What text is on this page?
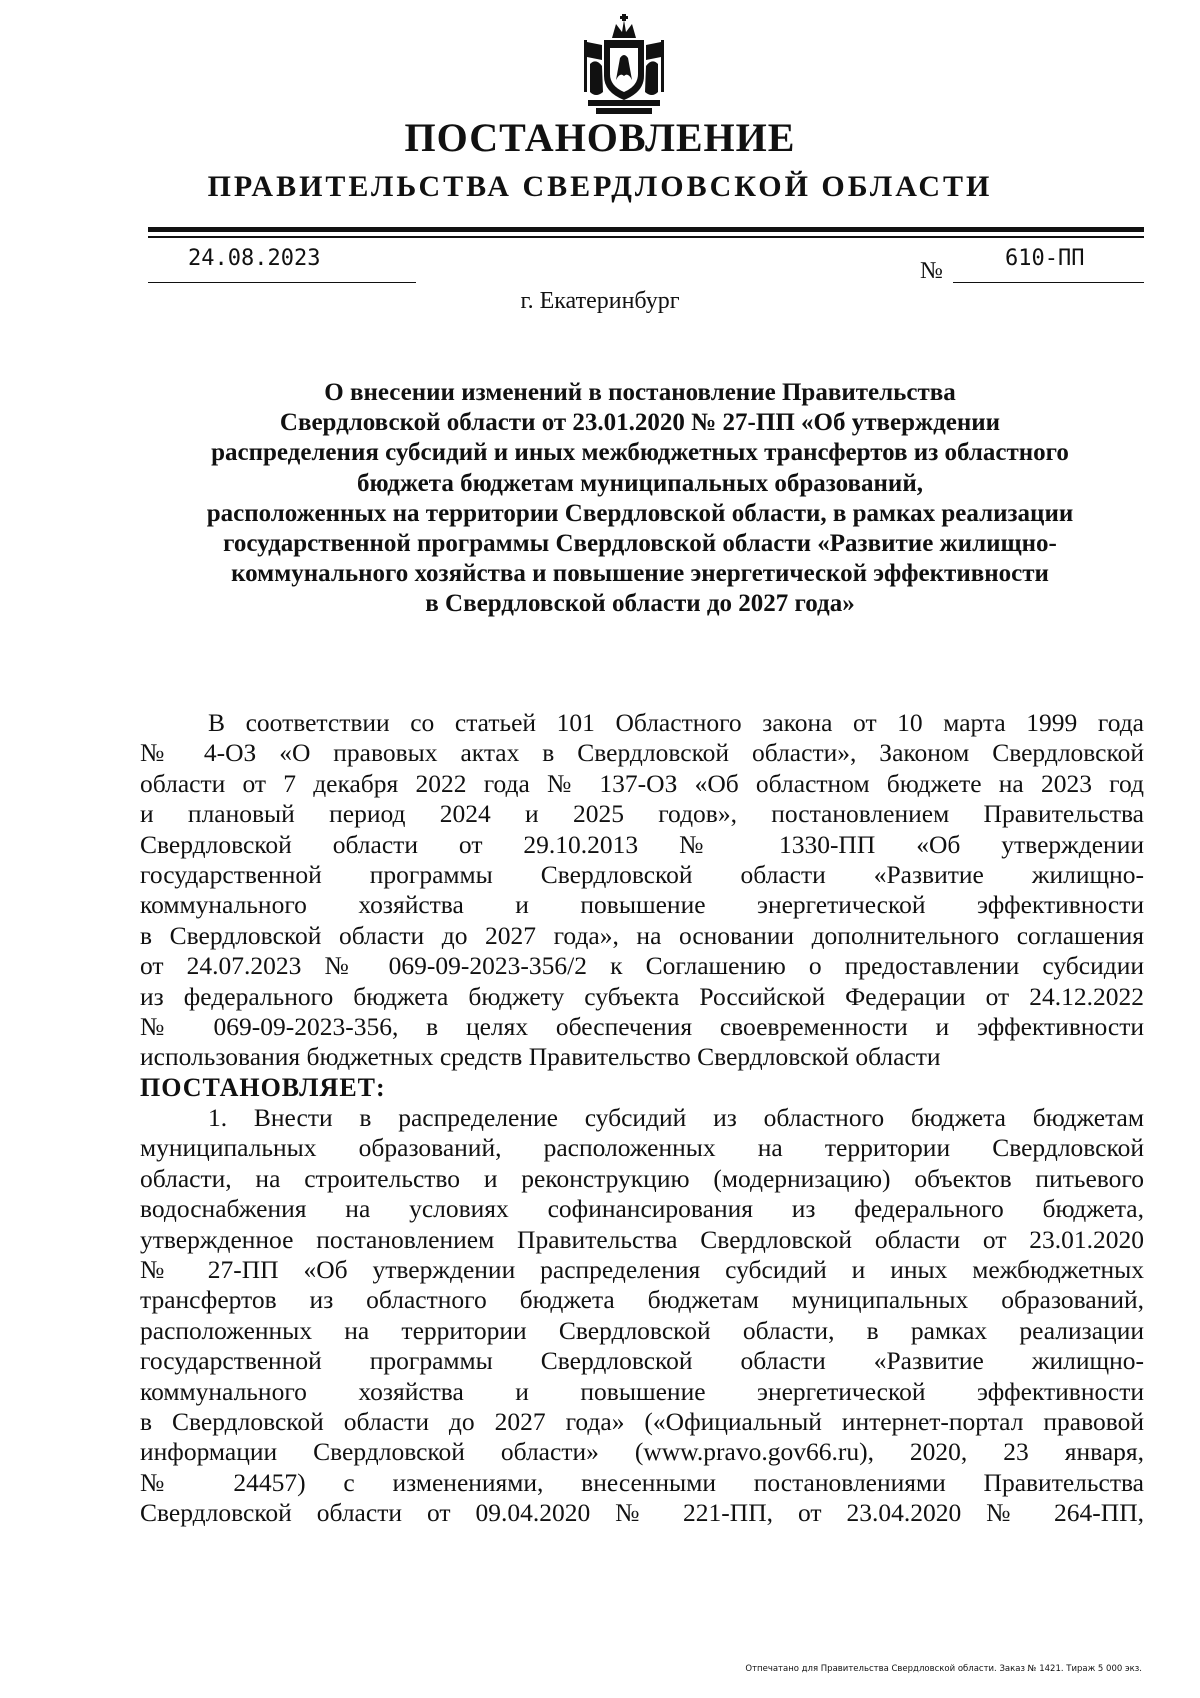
ПОСТАНОВЛЕНИЕ
ПРАВИТЕЛЬСТВА СВЕРДЛОВСКОЙ ОБЛАСТИ
24.08.2023	№	610-ПП
г. Екатеринбург
О внесении изменений в постановление Правительства
Свердловской области от 23.01.2020 № 27-ПП «Об утверждении
распределения субсидий и иных межбюджетных трансфертов из областного
бюджета бюджетам муниципальных образований,
расположенных на территории Свердловской области, в рамках реализации
государственной программы Свердловской области «Развитие жилищно-
коммунального хозяйства и повышение энергетической эффективности
в Свердловской области до 2027 года»
В соответствии со статьей 101 Областного закона от 10 марта 1999 года
№ 4-ОЗ «О правовых актах в Свердловской области», Законом Свердловской
области от 7 декабря 2022 года № 137-ОЗ «Об областном бюджете на 2023 год
и плановый период 2024 и 2025 годов», постановлением Правительства
Свердловской области от 29.10.2013 № 1330-ПП «Об утверждении
государственной программы Свердловской области «Развитие жилищно-
коммунального хозяйства и повышение энергетической эффективности
в Свердловской области до 2027 года», на основании дополнительного соглашения
от 24.07.2023 № 069-09-2023-356/2 к Соглашению о предоставлении субсидии
из федерального бюджета бюджету субъекта Российской Федерации от 24.12.2022
№ 069-09-2023-356, в целях обеспечения своевременности и эффективности
использования бюджетных средств Правительство Свердловской области
ПОСТАНОВЛЯЕТ:
1. Внести в распределение субсидий из областного бюджета бюджетам
муниципальных образований, расположенных на территории Свердловской
области, на строительство и реконструкцию (модернизацию) объектов питьевого
водоснабжения на условиях софинансирования из федерального бюджета,
утвержденное постановлением Правительства Свердловской области от 23.01.2020
№ 27-ПП «Об утверждении распределения субсидий и иных межбюджетных
трансфертов из областного бюджета бюджетам муниципальных образований,
расположенных на территории Свердловской области, в рамках реализации
государственной программы Свердловской области «Развитие жилищно-
коммунального хозяйства и повышение энергетической эффективности
в Свердловской области до 2027 года» («Официальный интернет-портал правовой
информации Свердловской области» (www.pravo.gov66.ru), 2020, 23 января,
№ 24457) с изменениями, внесенными постановлениями Правительства
Свердловской области от 09.04.2020 № 221-ПП, от 23.04.2020 № 264-ПП,
Отпечатано для Правительства Свердловской области. Заказ № 1421. Тираж 5 000 экз.
